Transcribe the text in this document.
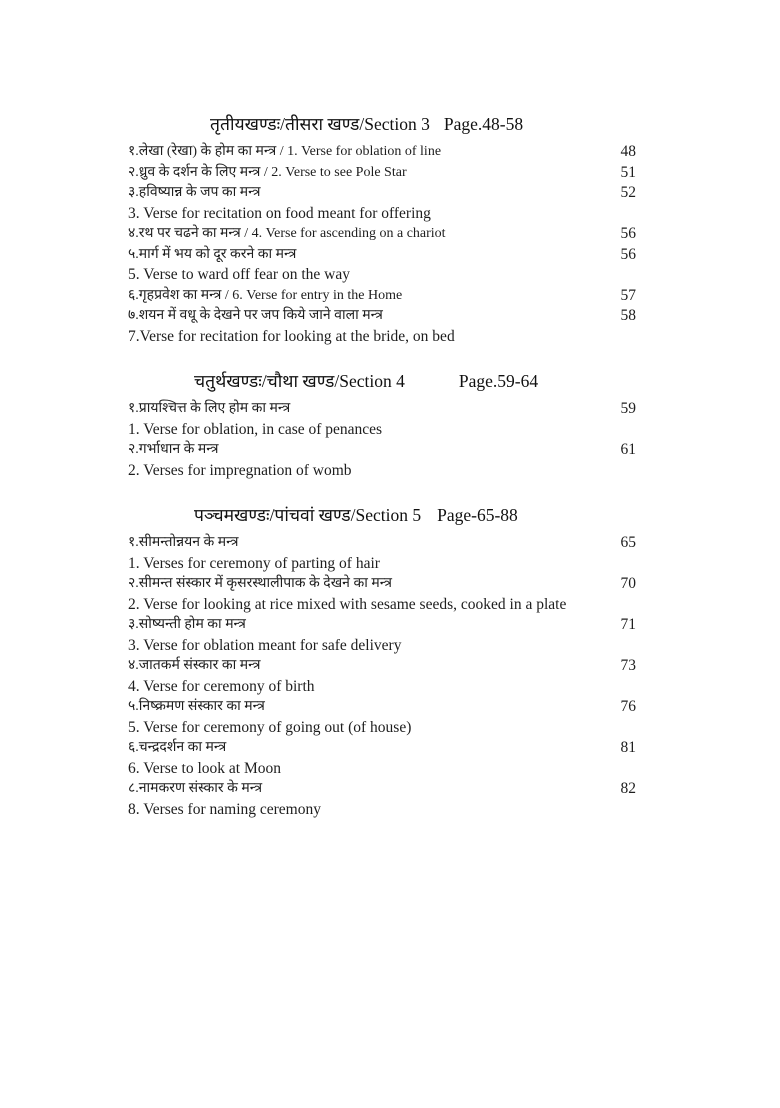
तृतीयखण्डः/तीसरा खण्ड/Section 3 Page.48-58
१.लेखा (रेखा) के होम का मन्त्र / 1. Verse for oblation of line	48
२.ध्रुव के दर्शन के लिए मन्त्र / 2. Verse to see Pole Star	51
३.हविष्यान्न के जप का मन्त्र	52
3. Verse for recitation on food meant for offering
४.रथ पर चढने का मन्त्र / 4. Verse for ascending on a chariot	56
५.मार्ग में भय को दूर करने का मन्त्र	56
5. Verse to ward off fear on the way
६.गृहप्रवेश का मन्त्र / 6. Verse for entry in the Home	57
७.शयन में वधू के देखने पर जप किये जाने वाला मन्त्र	58
7.Verse for recitation for looking at the bride, on bed
चतुर्थखण्डः/चौथा खण्ड/Section 4	Page.59-64
१.प्रायश्चित्त के लिए होम का मन्त्र	59
1. Verse for oblation, in case of penances
२.गर्भाधान के मन्त्र	61
2. Verses for impregnation of womb
पञ्चमखण्डः/पांचवां खण्ड/Section 5 Page-65-88
१.सीमन्तोन्नयन के मन्त्र	65
1. Verses for ceremony of parting of hair
२.सीमन्त संस्कार में कृसरस्थालीपाक के देखने का मन्त्र	70
2. Verse for looking at rice mixed with sesame seeds, cooked in a plate
३.सोष्यन्ती होम का मन्त्र	71
3. Verse for oblation meant for safe delivery
४.जातकर्म संस्कार का मन्त्र	73
4. Verse for ceremony of birth
५.निष्क्रमण संस्कार का मन्त्र	76
5. Verse for ceremony of going out (of house)
६.चन्द्रदर्शन का मन्त्र	81
6. Verse to look at Moon
८.नामकरण संस्कार के मन्त्र	82
8. Verses for naming ceremony
